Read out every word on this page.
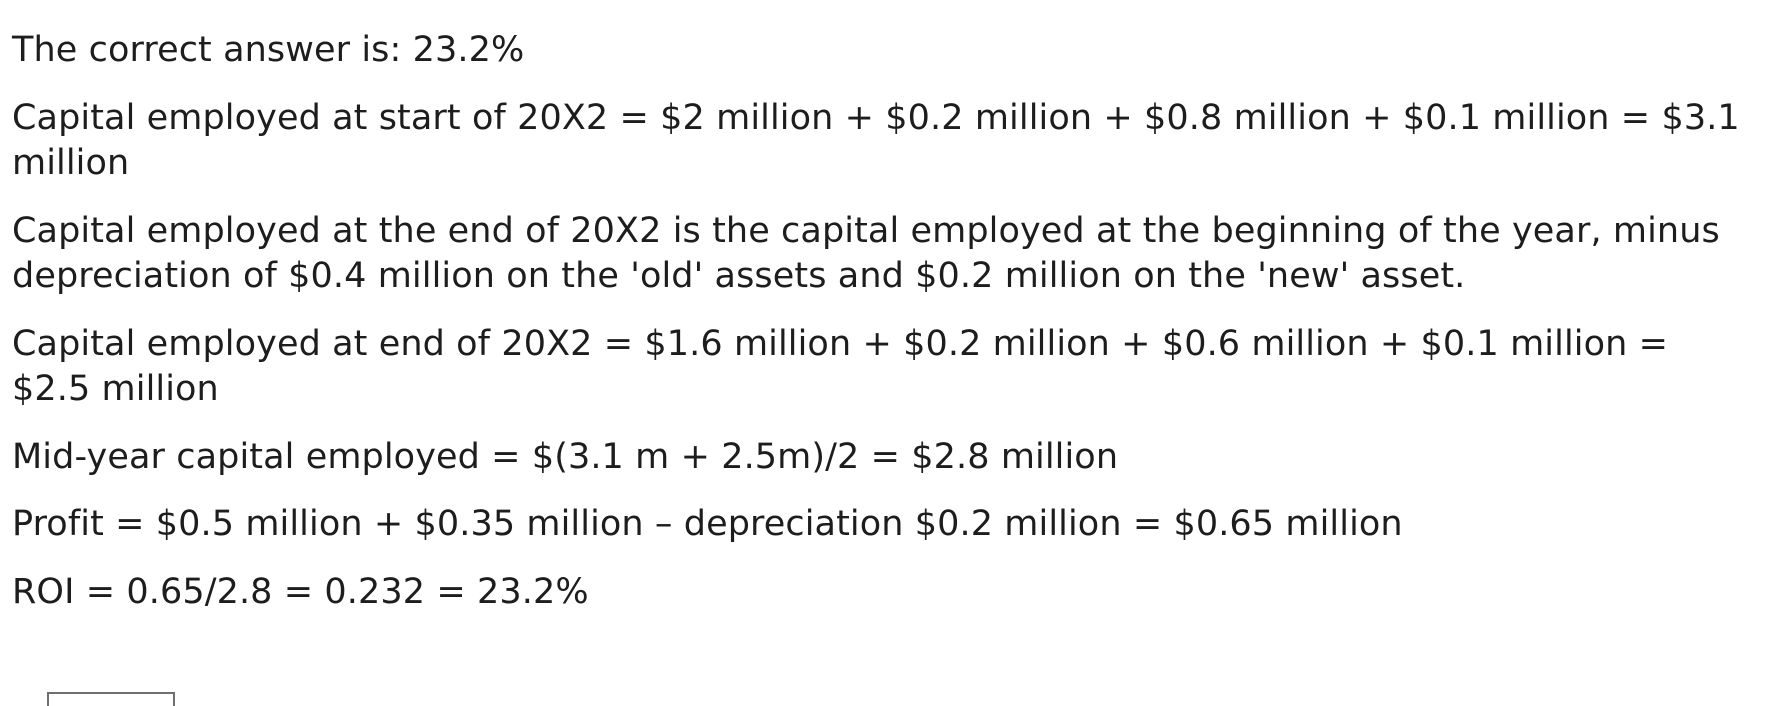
The correct answer is: 23.2%

Capital employed at start of 20X2 = $2 million + $0.2 million + $0.8 million + $0.1 million = $3.1 million

Capital employed at the end of 20X2 is the capital employed at the beginning of the year, minus depreciation of $0.4 million on the 'old' assets and $0.2 million on the 'new' asset.

Capital employed at end of 20X2 = $1.6 million + $0.2 million + $0.6 million + $0.1 million = $2.5 million

Mid-year capital employed = $(3.1 m + 2.5m)/2 = $2.8 million

Profit = $0.5 million + $0.35 million – depreciation $0.2 million = $0.65 million

ROI = 0.65/2.8 = 0.232 = 23.2%
